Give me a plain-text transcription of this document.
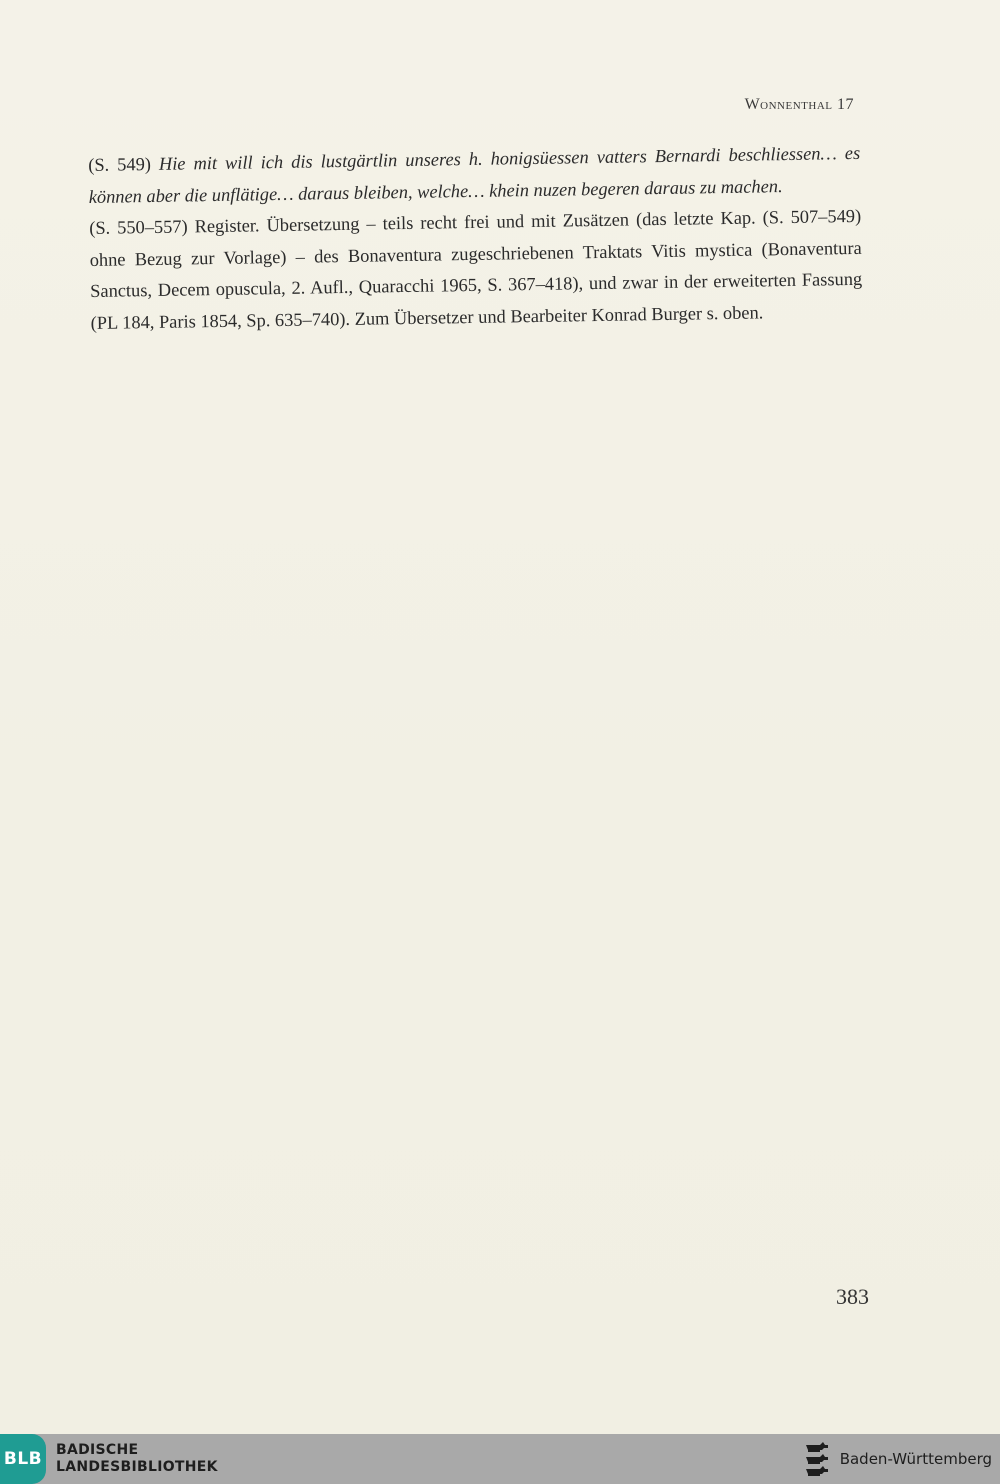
Wonnenthal 17

(S. 549) Hie mit will ich dis lustgärtlin unseres h. honigsüessen vatters Bernardi beschliessen… es können aber die unflätige… daraus bleiben, welche… khein nuzen begeren daraus zu machen.

(S. 550–557) Register. Übersetzung – teils recht frei und mit Zusätzen (das letzte Kap. (S. 507–549) ohne Bezug zur Vorlage) – des Bonaventura zugeschriebenen Traktats Vitis mystica (Bonaventura Sanctus, Decem opuscula, 2. Aufl., Quaracchi 1965, S. 367–418), und zwar in der erweiterten Fassung (PL 184, Paris 1854, Sp. 635–740). Zum Übersetzer und Bearbeiter Konrad Burger s. oben.

383
BLB BADISCHE
LANDESBIBLIOTHEK	Baden-Württemberg
